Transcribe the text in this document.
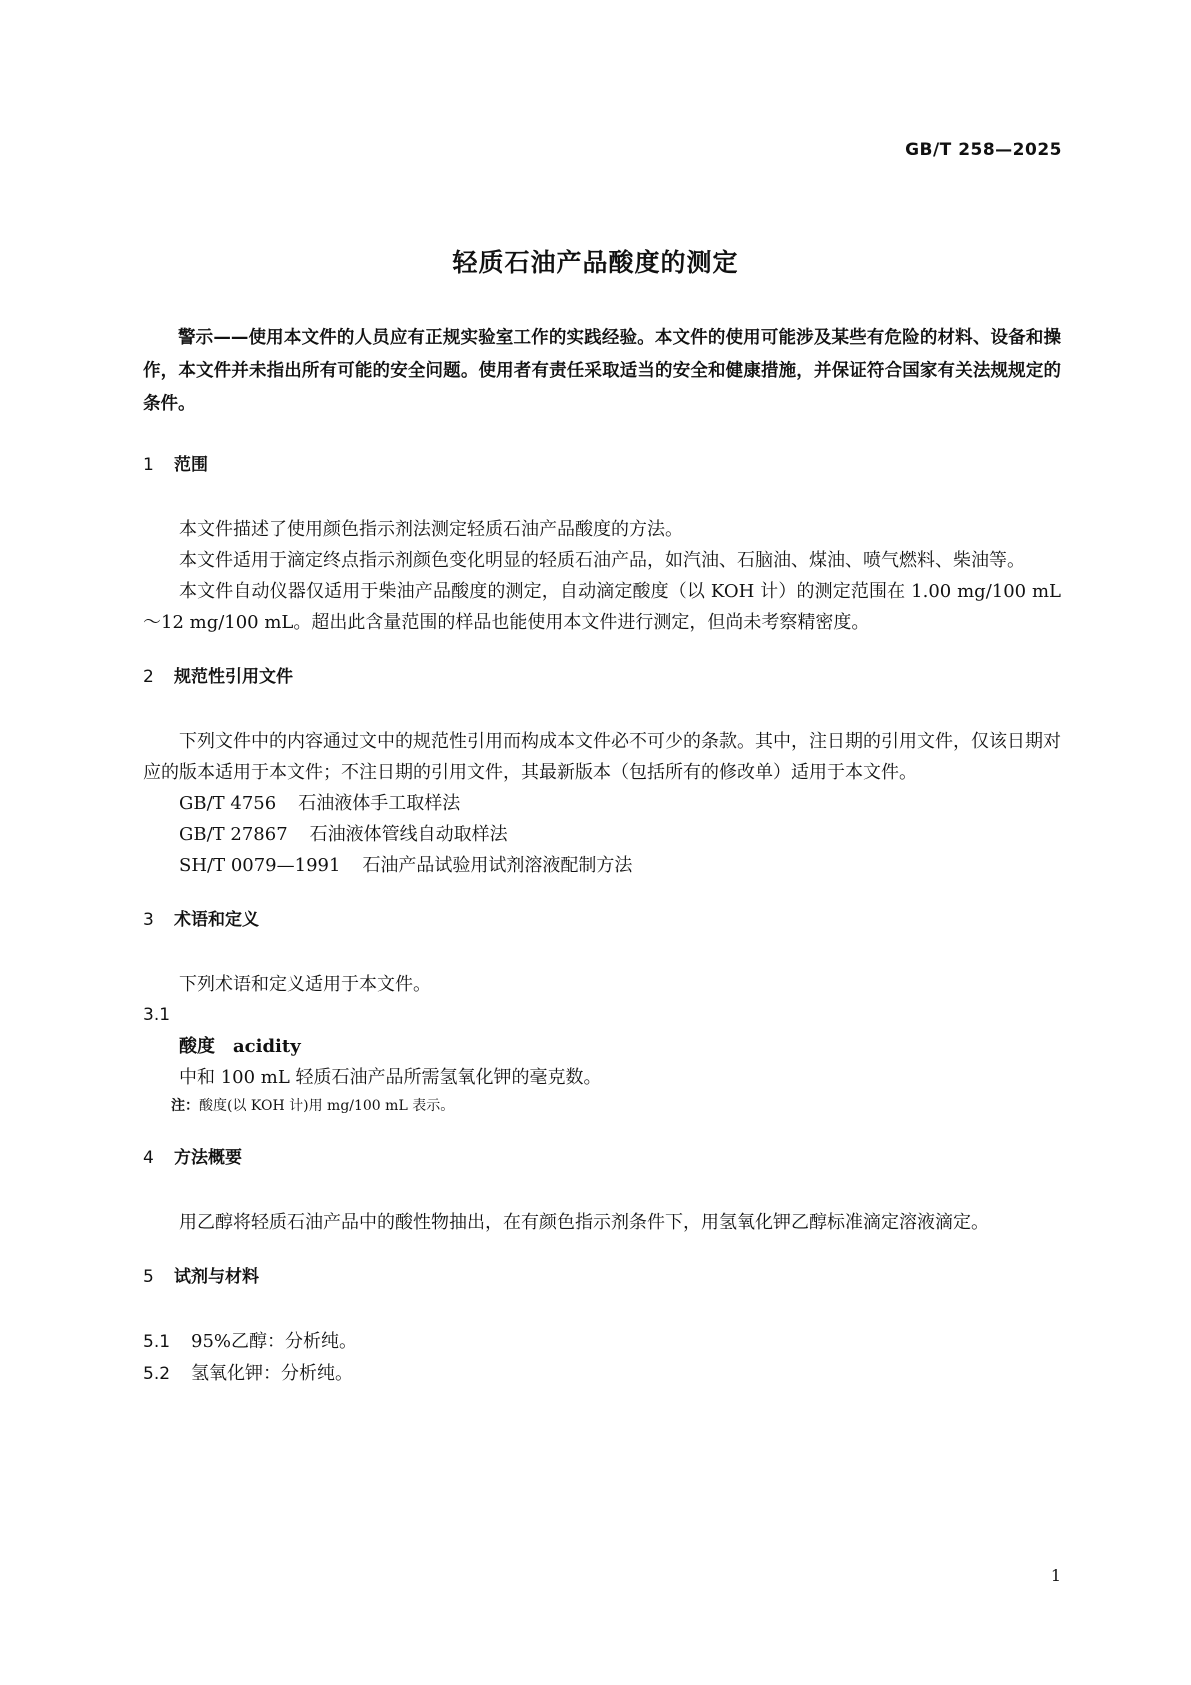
GB/T 258—2025
轻质石油产品酸度的测定

警示——使用本文件的人员应有正规实验室工作的实践经验。本文件的使用可能涉及某些有危险的材料、设备和操作，本文件并未指出所有可能的安全问题。使用者有责任采取适当的安全和健康措施，并保证符合国家有关法规规定的条件。

1 范围

本文件描述了使用颜色指示剂法测定轻质石油产品酸度的方法。

本文件适用于滴定终点指示剂颜色变化明显的轻质石油产品，如汽油、石脑油、煤油、喷气燃料、柴油等。

本文件自动仪器仅适用于柴油产品酸度的测定，自动滴定酸度（以 KOH 计）的测定范围在 1.00 mg/100 mL～12 mg/100 mL。超出此含量范围的样品也能使用本文件进行测定，但尚未考察精密度。

2 规范性引用文件

下列文件中的内容通过文中的规范性引用而构成本文件必不可少的条款。其中，注日期的引用文件，仅该日期对应的版本适用于本文件；不注日期的引用文件，其最新版本（包括所有的修改单）适用于本文件。

GB/T 4756 石油液体手工取样法

GB/T 27867 石油液体管线自动取样法

SH/T 0079—1991 石油产品试验用试剂溶液配制方法

3 术语和定义

下列术语和定义适用于本文件。

3.1

酸度 acidity

中和 100 mL 轻质石油产品所需氢氧化钾的毫克数。

注：酸度(以 KOH 计)用 mg/100 mL 表示。

4 方法概要

用乙醇将轻质石油产品中的酸性物抽出，在有颜色指示剂条件下，用氢氧化钾乙醇标准滴定溶液滴定。

5 试剂与材料

5.1 95%乙醇：分析纯。

5.2 氢氧化钾：分析纯。

1
